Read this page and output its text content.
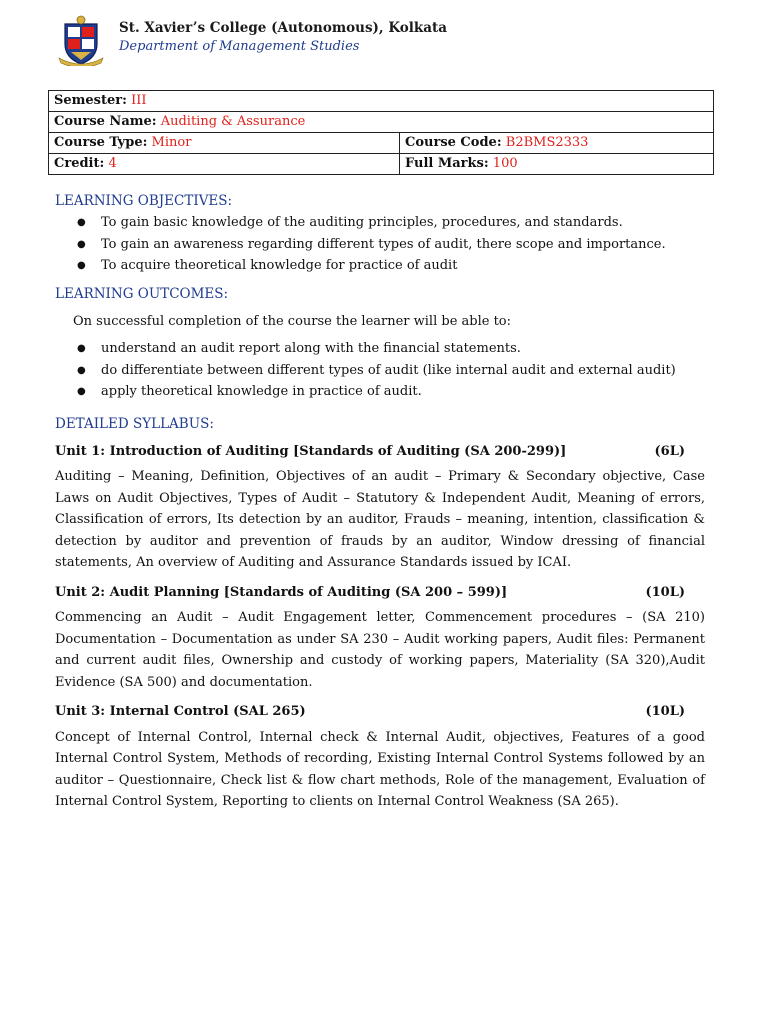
St. Xavier’s College (Autonomous), Kolkata
Department of Management Studies
Semester: III	
Course Name: Auditing & Assurance	
Course Type: Minor	Course Code: B2BMS2333
Credit: 4	Full Marks: 100
LEARNING OBJECTIVES:
● To gain basic knowledge of the auditing principles, procedures, and standards.
● To gain an awareness regarding different types of audit, there scope and importance.
● To acquire theoretical knowledge for practice of audit
LEARNING OUTCOMES:
On successful completion of the course the learner will be able to:
● understand an audit report along with the financial statements.
● do differentiate between different types of audit (like internal audit and external audit)
● apply theoretical knowledge in practice of audit.
DETAILED SYLLABUS:
Unit 1: Introduction of Auditing [Standards of Auditing (SA 200-299)]	(6L)
Auditing – Meaning, Definition, Objectives of an audit – Primary & Secondary objective, Case Laws on Audit Objectives, Types of Audit – Statutory & Independent Audit, Meaning of errors, Classification of errors, Its detection by an auditor, Frauds – meaning, intention, classification & detection by auditor and prevention of frauds by an auditor, Window dressing of financial statements, An overview of Auditing and Assurance Standards issued by ICAI.
Unit 2: Audit Planning [Standards of Auditing (SA 200 – 599)]	(10L)
Commencing an Audit – Audit Engagement letter, Commencement procedures – (SA 210) Documentation – Documentation as under SA 230 – Audit working papers, Audit files: Permanent and current audit files, Ownership and custody of working papers, Materiality (SA 320),Audit Evidence (SA 500) and documentation.
Unit 3: Internal Control (SAL 265)	(10L)
Concept of Internal Control, Internal check & Internal Audit, objectives, Features of a good Internal Control System, Methods of recording, Existing Internal Control Systems followed by an auditor – Questionnaire, Check list & flow chart methods, Role of the management, Evaluation of Internal Control System, Reporting to clients on Internal Control Weakness (SA 265).
